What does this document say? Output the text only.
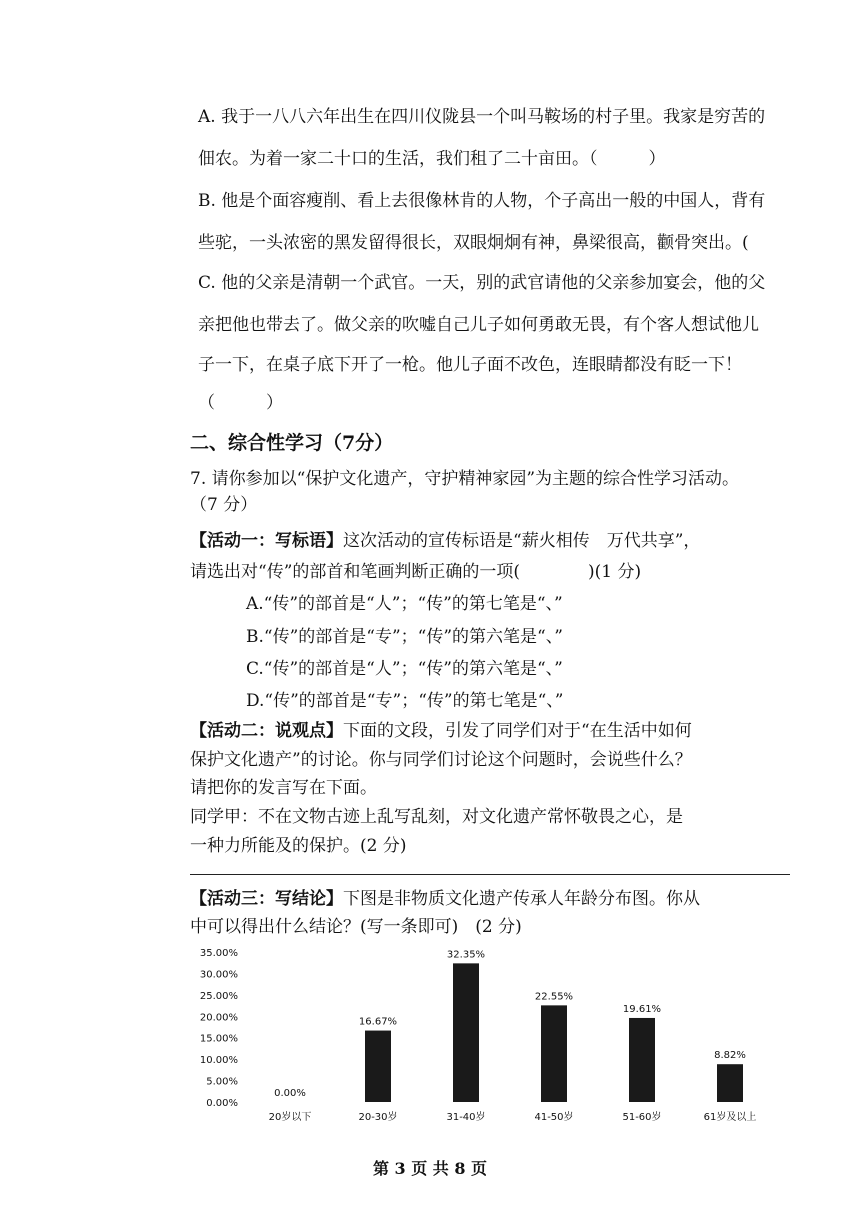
A. 我于一八八六年出生在四川仪陇县一个叫马鞍场的村子里。我家是穷苦的
佃农。为着一家二十口的生活，我们租了二十亩田。（　　　）
B. 他是个面容瘦削、看上去很像林肯的人物，个子高出一般的中国人，背有
些驼，一头浓密的黑发留得很长，双眼炯炯有神，鼻梁很高，颧骨突出。(
C. 他的父亲是清朝一个武官。一天，别的武官请他的父亲参加宴会，他的父
亲把他也带去了。做父亲的吹嘘自己儿子如何勇敢无畏，有个客人想试他儿
子一下，在桌子底下开了一枪。他儿子面不改色，连眼睛都没有眨一下！
（　　　）
二、综合性学习（7分）
7. 请你参加以“保护文化遗产，守护精神家园”为主题的综合性学习活动。
（7 分）
【活动一：写标语】这次活动的宣传标语是“薪火相传　万代共享”，
请选出对“传”的部首和笔画判断正确的一项(　　　　)(1 分)
A.“传”的部首是“人”；“传”的第七笔是“、”
B.“传”的部首是“专”；“传”的第六笔是“、”
C.“传”的部首是“人”；“传”的第六笔是“、”
D.“传”的部首是“专”；“传”的第七笔是“、”
【活动二：说观点】下面的文段，引发了同学们对于“在生活中如何
保护文化遗产”的讨论。你与同学们讨论这个问题时，会说些什么？
请把你的发言写在下面。
同学甲：不在文物古迹上乱写乱刻，对文化遗产常怀敬畏之心，是
一种力所能及的保护。(2 分)
【活动三：写结论】下图是非物质文化遗产传承人年龄分布图。你从
中可以得出什么结论？(写一条即可)　(2 分)
35.00%
30.00%
25.00%
20.00%
15.00%
10.00%
5.00%
0.00%
0.00%
20岁以下
16.67%
20-30岁
32.35%
31-40岁
22.55%
41-50岁
19.61%
51-60岁
8.82%
61岁及以上
第 3 页 共 8 页
